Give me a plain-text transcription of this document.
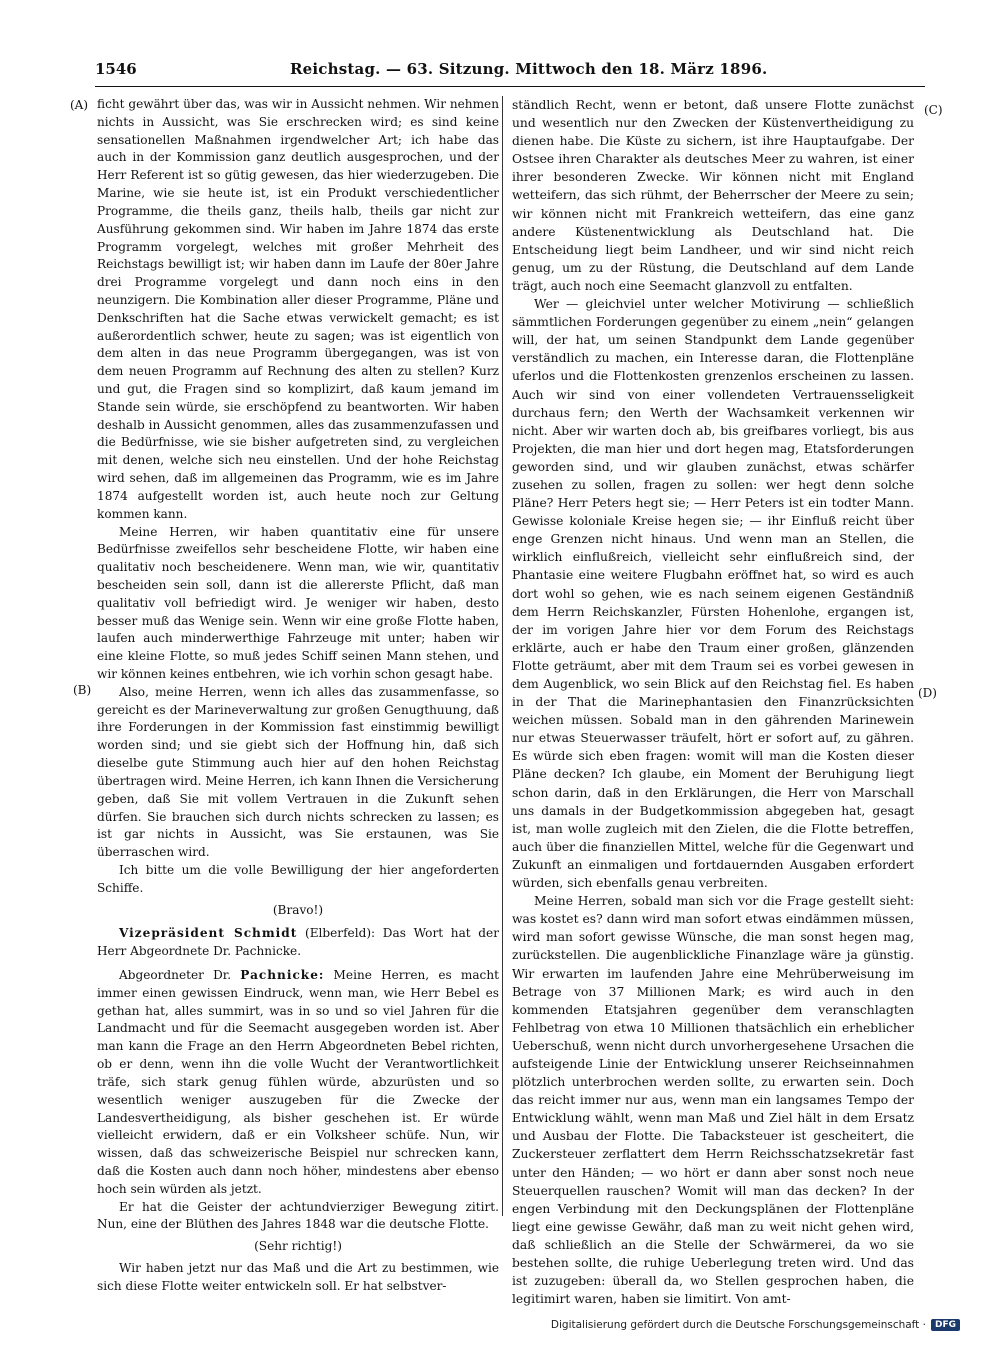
1546	Reichstag. — 63. Sitzung. Mittwoch den 18. März 1896.
(A)
(B)
(C)
(D)

ficht gewährt über das, was wir in Aussicht nehmen. Wir nehmen nichts in Aussicht, was Sie erschrecken wird; es sind keine sensationellen Maßnahmen irgendwelcher Art; ich habe das auch in der Kommission ganz deutlich ausgesprochen, und der Herr Referent ist so gütig gewesen, das hier wiederzugeben. Die Marine, wie sie heute ist, ist ein Produkt verschiedentlicher Programme, die theils ganz, theils halb, theils gar nicht zur Ausführung gekommen sind. Wir haben im Jahre 1874 das erste Programm vorgelegt, welches mit großer Mehrheit des Reichstags bewilligt ist; wir haben dann im Laufe der 80er Jahre drei Programme vorgelegt und dann noch eins in den neunzigern. Die Kombination aller dieser Programme, Pläne und Denkschriften hat die Sache etwas verwickelt gemacht; es ist außerordentlich schwer, heute zu sagen; was ist eigentlich von dem alten in das neue Programm übergegangen, was ist von dem neuen Programm auf Rechnung des alten zu stellen? Kurz und gut, die Fragen sind so komplizirt, daß kaum jemand im Stande sein würde, sie erschöpfend zu beantworten. Wir haben deshalb in Aussicht genommen, alles das zusammenzufassen und die Bedürfnisse, wie sie bisher aufgetreten sind, zu vergleichen mit denen, welche sich neu einstellen. Und der hohe Reichstag wird sehen, daß im allgemeinen das Programm, wie es im Jahre 1874 aufgestellt worden ist, auch heute noch zur Geltung kommen kann.

Meine Herren, wir haben quantitativ eine für unsere Bedürfnisse zweifellos sehr bescheidene Flotte, wir haben eine qualitativ noch bescheidenere. Wenn man, wie wir, quantitativ bescheiden sein soll, dann ist die allererste Pflicht, daß man qualitativ voll befriedigt wird. Je weniger wir haben, desto besser muß das Wenige sein. Wenn wir eine große Flotte haben, laufen auch minderwerthige Fahrzeuge mit unter; haben wir eine kleine Flotte, so muß jedes Schiff seinen Mann stehen, und wir können keines entbehren, wie ich vorhin schon gesagt habe.

Also, meine Herren, wenn ich alles das zusammenfasse, so gereicht es der Marineverwaltung zur großen Genugthuung, daß ihre Forderungen in der Kommission fast einstimmig bewilligt worden sind; und sie giebt sich der Hoffnung hin, daß sich dieselbe gute Stimmung auch hier auf den hohen Reichstag übertragen wird. Meine Herren, ich kann Ihnen die Versicherung geben, daß Sie mit vollem Vertrauen in die Zukunft sehen dürfen. Sie brauchen sich durch nichts schrecken zu lassen; es ist gar nichts in Aussicht, was Sie erstaunen, was Sie überraschen wird.

Ich bitte um die volle Bewilligung der hier angeforderten Schiffe.

(Bravo!)

Vizepräsident Schmidt (Elberfeld): Das Wort hat der Herr Abgeordnete Dr. Pachnicke.

Abgeordneter Dr. Pachnicke: Meine Herren, es macht immer einen gewissen Eindruck, wenn man, wie Herr Bebel es gethan hat, alles summirt, was in so und so viel Jahren für die Landmacht und für die Seemacht ausgegeben worden ist. Aber man kann die Frage an den Herrn Abgeordneten Bebel richten, ob er denn, wenn ihn die volle Wucht der Verantwortlichkeit träfe, sich stark genug fühlen würde, abzurüsten und so wesentlich weniger auszugeben für die Zwecke der Landesvertheidigung, als bisher geschehen ist. Er würde vielleicht erwidern, daß er ein Volksheer schüfe. Nun, wir wissen, daß das schweizerische Beispiel nur schrecken kann, daß die Kosten auch dann noch höher, mindestens aber ebenso hoch sein würden als jetzt.

Er hat die Geister der achtundvierziger Bewegung zitirt. Nun, eine der Blüthen des Jahres 1848 war die deutsche Flotte.

(Sehr richtig!)

Wir haben jetzt nur das Maß und die Art zu bestimmen, wie sich diese Flotte weiter entwickeln soll. Er hat selbstver-

ständlich Recht, wenn er betont, daß unsere Flotte zunächst und wesentlich nur den Zwecken der Küstenvertheidigung zu dienen habe. Die Küste zu sichern, ist ihre Hauptaufgabe. Der Ostsee ihren Charakter als deutsches Meer zu wahren, ist einer ihrer besonderen Zwecke. Wir können nicht mit England wetteifern, das sich rühmt, der Beherrscher der Meere zu sein; wir können nicht mit Frankreich wetteifern, das eine ganz andere Küstenentwicklung als Deutschland hat. Die Entscheidung liegt beim Landheer, und wir sind nicht reich genug, um zu der Rüstung, die Deutschland auf dem Lande trägt, auch noch eine Seemacht glanzvoll zu entfalten.

Wer — gleichviel unter welcher Motivirung — schließlich sämmtlichen Forderungen gegenüber zu einem „nein“ gelangen will, der hat, um seinen Standpunkt dem Lande gegenüber verständlich zu machen, ein Interesse daran, die Flottenpläne uferlos und die Flottenkosten grenzenlos erscheinen zu lassen. Auch wir sind von einer vollendeten Vertrauensseligkeit durchaus fern; den Werth der Wachsamkeit verkennen wir nicht. Aber wir warten doch ab, bis greifbares vorliegt, bis aus Projekten, die man hier und dort hegen mag, Etatsforderungen geworden sind, und wir glauben zunächst, etwas schärfer zusehen zu sollen, fragen zu sollen: wer hegt denn solche Pläne? Herr Peters hegt sie; — Herr Peters ist ein todter Mann. Gewisse koloniale Kreise hegen sie; — ihr Einfluß reicht über enge Grenzen nicht hinaus. Und wenn man an Stellen, die wirklich einflußreich, vielleicht sehr einflußreich sind, der Phantasie eine weitere Flugbahn eröffnet hat, so wird es auch dort wohl so gehen, wie es nach seinem eigenen Geständniß dem Herrn Reichskanzler, Fürsten Hohenlohe, ergangen ist, der im vorigen Jahre hier vor dem Forum des Reichstags erklärte, auch er habe den Traum einer großen, glänzenden Flotte geträumt, aber mit dem Traum sei es vorbei gewesen in dem Augenblick, wo sein Blick auf den Reichstag fiel. Es haben in der That die Marinephantasien den Finanzrücksichten weichen müssen. Sobald man in den gährenden Marinewein nur etwas Steuerwasser träufelt, hört er sofort auf, zu gähren. Es würde sich eben fragen: womit will man die Kosten dieser Pläne decken? Ich glaube, ein Moment der Beruhigung liegt schon darin, daß in den Erklärungen, die Herr von Marschall uns damals in der Budgetkommission abgegeben hat, gesagt ist, man wolle zugleich mit den Zielen, die die Flotte betreffen, auch über die finanziellen Mittel, welche für die Gegenwart und Zukunft an einmaligen und fortdauernden Ausgaben erfordert würden, sich ebenfalls genau verbreiten.

Meine Herren, sobald man sich vor die Frage gestellt sieht: was kostet es? dann wird man sofort etwas eindämmen müssen, wird man sofort gewisse Wünsche, die man sonst hegen mag, zurückstellen. Die augenblickliche Finanzlage wäre ja günstig. Wir erwarten im laufenden Jahre eine Mehrüberweisung im Betrage von 37 Millionen Mark; es wird auch in den kommenden Etatsjahren gegenüber dem veranschlagten Fehlbetrag von etwa 10 Millionen thatsächlich ein erheblicher Ueberschuß, wenn nicht durch unvorhergesehene Ursachen die aufsteigende Linie der Entwicklung unserer Reichseinnahmen plötzlich unterbrochen werden sollte, zu erwarten sein. Doch das reicht immer nur aus, wenn man ein langsames Tempo der Entwicklung wählt, wenn man Maß und Ziel hält in dem Ersatz und Ausbau der Flotte. Die Tabacksteuer ist gescheitert, die Zuckersteuer zerflattert dem Herrn Reichsschatzsekretär fast unter den Händen; — wo hört er dann aber sonst noch neue Steuerquellen rauschen? Womit will man das decken? In der engen Verbindung mit den Deckungsplänen der Flottenpläne liegt eine gewisse Gewähr, daß man zu weit nicht gehen wird, daß schließlich an die Stelle der Schwärmerei, da wo sie bestehen sollte, die ruhige Ueberlegung treten wird. Und das ist zuzugeben: überall da, wo Stellen gesprochen haben, die legitimirt waren, haben sie limitirt. Von amt-

Digitalisierung gefördert durch die Deutsche Forschungsgemeinschaft ·	DFG
